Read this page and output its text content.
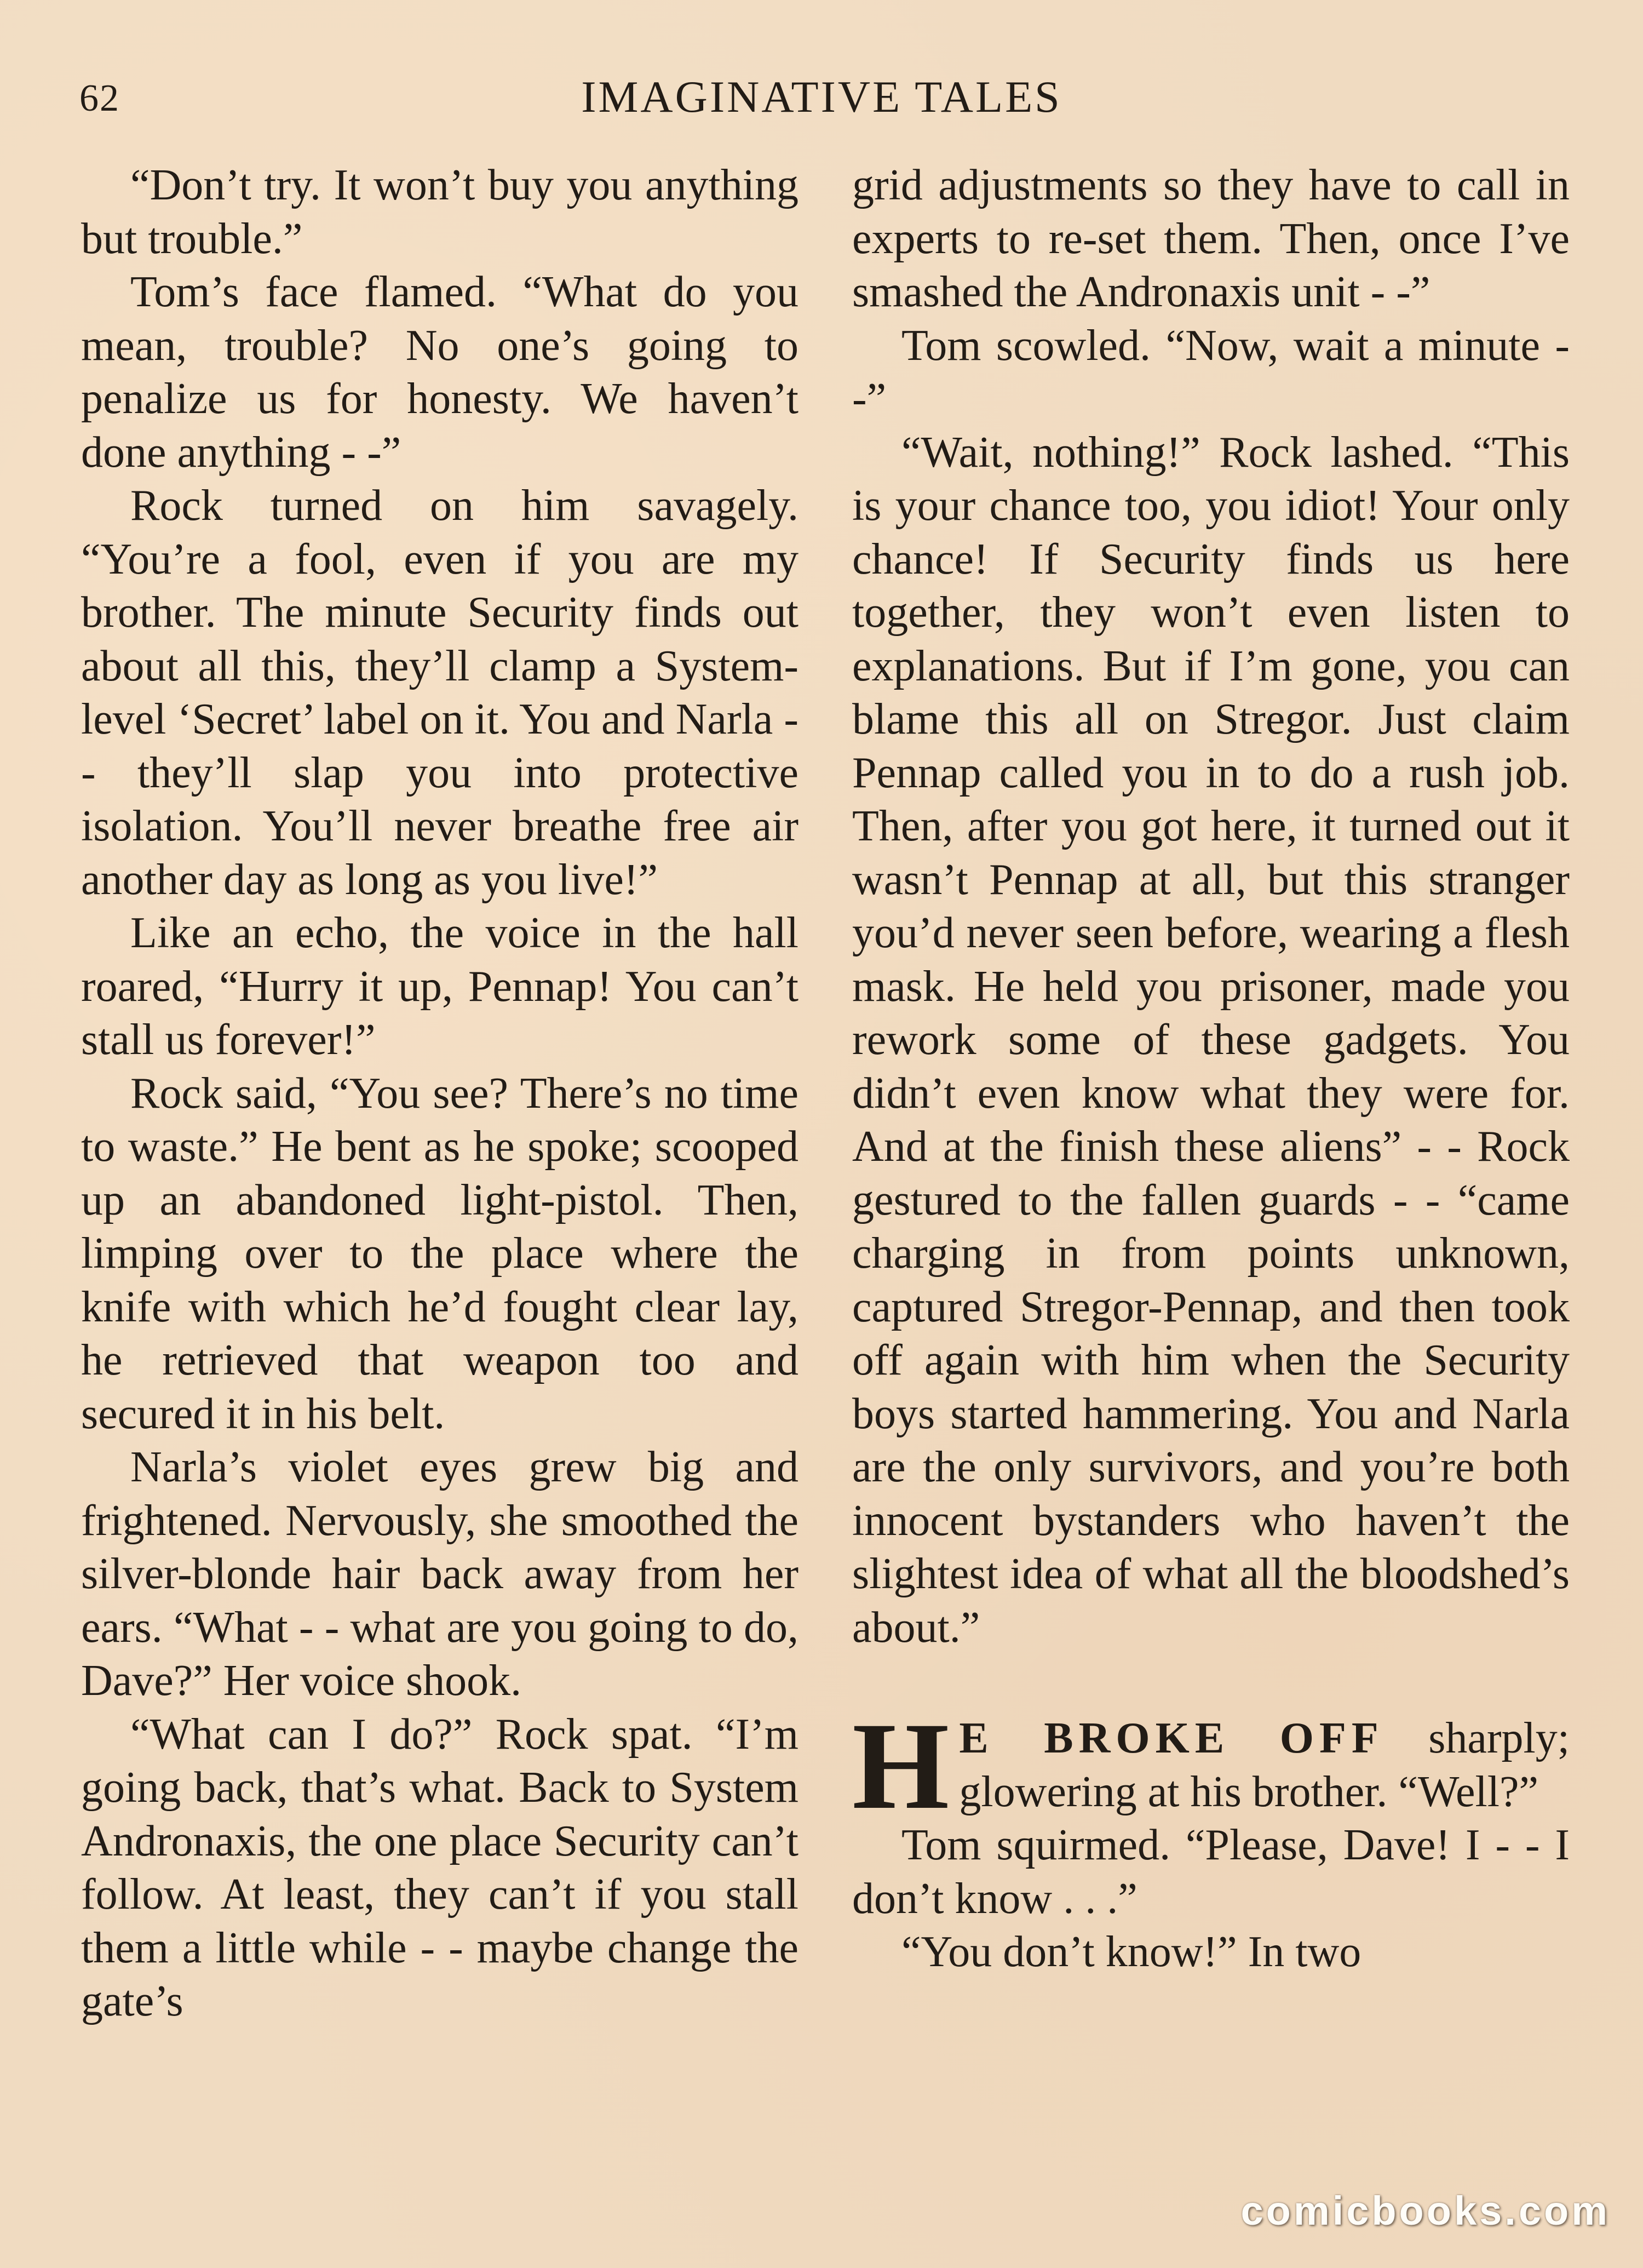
62	IMAGINATIVE TALES

“Don’t try. It won’t buy you anything but trouble.”

Tom’s face flamed. “What do you mean, trouble? No one’s going to penalize us for honesty. We haven’t done anything - -”

Rock turned on him savagely. “You’re a fool, even if you are my brother. The minute Security finds out about all this, they’ll clamp a System-level ‘Secret’ label on it. You and Narla - - they’ll slap you into protective isolation. You’ll never breathe free air another day as long as you live!”

Like an echo, the voice in the hall roared, “Hurry it up, Pennap! You can’t stall us forever!”

Rock said, “You see? There’s no time to waste.” He bent as he spoke; scooped up an abandoned light-pistol. Then, limping over to the place where the knife with which he’d fought clear lay, he retrieved that weapon too and secured it in his belt.

Narla’s violet eyes grew big and frightened. Nervously, she smoothed the silver-blonde hair back away from her ears. “What - - what are you going to do, Dave?” Her voice shook.

“What can I do?” Rock spat. “I’m going back, that’s what. Back to System Andronaxis, the one place Security can’t follow. At least, they can’t if you stall them a little while - - maybe change the gate’s

grid adjustments so they have to call in experts to re-set them. Then, once I’ve smashed the Andronaxis unit - -”

Tom scowled. “Now, wait a minute - -”

“Wait, nothing!” Rock lashed. “This is your chance too, you idiot! Your only chance! If Security finds us here together, they won’t even listen to explanations. But if I’m gone, you can blame this all on Stregor. Just claim Pennap called you in to do a rush job. Then, after you got here, it turned out it wasn’t Pennap at all, but this stranger you’d never seen before, wearing a flesh mask. He held you prisoner, made you rework some of these gadgets. You didn’t even know what they were for. And at the finish these aliens” - - Rock gestured to the fallen guards - - “came charging in from points unknown, captured Stregor-Pennap, and then took off again with him when the Security boys started hammering. You and Narla are the only survivors, and you’re both innocent bystanders who haven’t the slightest idea of what all the bloodshed’s about.”

H E BROKE OFF sharply; glowering at his brother. “Well?”

Tom squirmed. “Please, Dave! I - - I don’t know . . .”

“You don’t know!” In two

comicbooks.com
